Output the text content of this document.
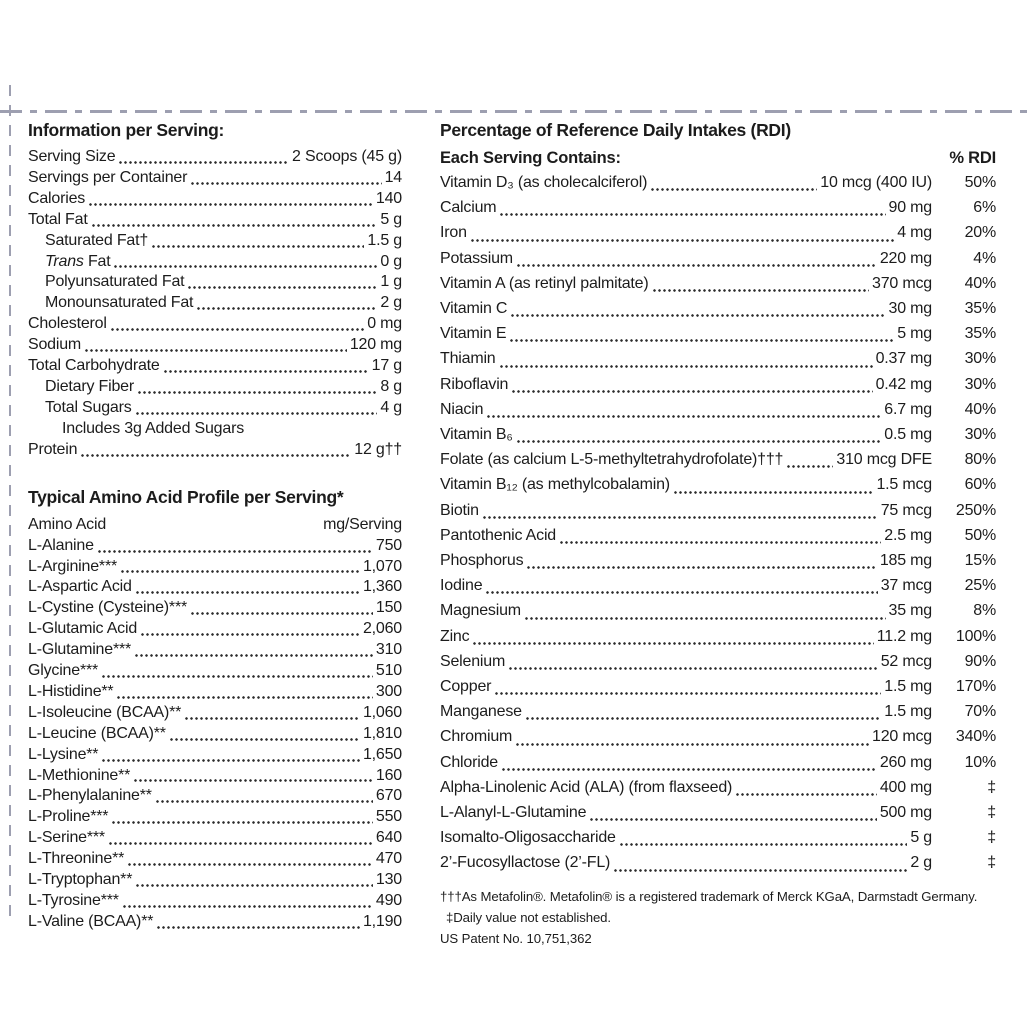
Information per Serving:
Serving Size	2 Scoops (45 g)
Servings per Container	14
Calories	140
Total Fat	5 g
Saturated Fat†	1.5 g
Trans Fat	0 g
Polyunsaturated Fat	1 g
Monounsaturated Fat	2 g
Cholesterol	0 mg
Sodium	120 mg
Total Carbohydrate	17 g
Dietary Fiber	8 g
Total Sugars	4 g
Includes 3g Added Sugars
Protein	12 g††
Typical Amino Acid Profile per Serving*
Amino Acid	mg/Serving
L-Alanine	750
L-Arginine***	1,070
L-Aspartic Acid	1,360
L-Cystine (Cysteine)***	150
L-Glutamic Acid	2,060
L-Glutamine***	310
Glycine***	510
L-Histidine**	300
L-Isoleucine (BCAA)**	1,060
L-Leucine (BCAA)**	1,810
L-Lysine**	1,650
L-Methionine**	160
L-Phenylalanine**	670
L-Proline***	550
L-Serine***	640
L-Threonine**	470
L-Tryptophan**	130
L-Tyrosine***	490
L-Valine (BCAA)**	1,190
Percentage of Reference Daily Intakes (RDI)
Each Serving Contains:	% RDI
Vitamin D₃ (as cholecalciferol)	10 mcg (400 IU)	50%
Calcium	90 mg	6%
Iron	4 mg	20%
Potassium	220 mg	4%
Vitamin A (as retinyl palmitate)	370 mcg	40%
Vitamin C	30 mg	35%
Vitamin E	5 mg	35%
Thiamin	0.37 mg	30%
Riboflavin	0.42 mg	30%
Niacin	6.7 mg	40%
Vitamin B₆	0.5 mg	30%
Folate (as calcium L-5-methyltetrahydrofolate)†††	310 mcg DFE	80%
Vitamin B₁₂ (as methylcobalamin)	1.5 mcg	60%
Biotin	75 mcg	250%
Pantothenic Acid	2.5 mg	50%
Phosphorus	185 mg	15%
Iodine	37 mcg	25%
Magnesium	35 mg	8%
Zinc	11.2 mg	100%
Selenium	52 mcg	90%
Copper	1.5 mg	170%
Manganese	1.5 mg	70%
Chromium	120 mcg	340%
Chloride	260 mg	10%
Alpha-Linolenic Acid (ALA) (from flaxseed)	400 mg	‡
L-Alanyl-L-Glutamine	500 mg	‡
Isomalto-Oligosaccharide	5 g	‡
2’-Fucosyllactose (2’-FL)	2 g	‡
†††As Metafolin®. Metafolin® is a registered trademark of Merck KGaA, Darmstadt Germany.
‡Daily value not established.
US Patent No. 10,751,362
